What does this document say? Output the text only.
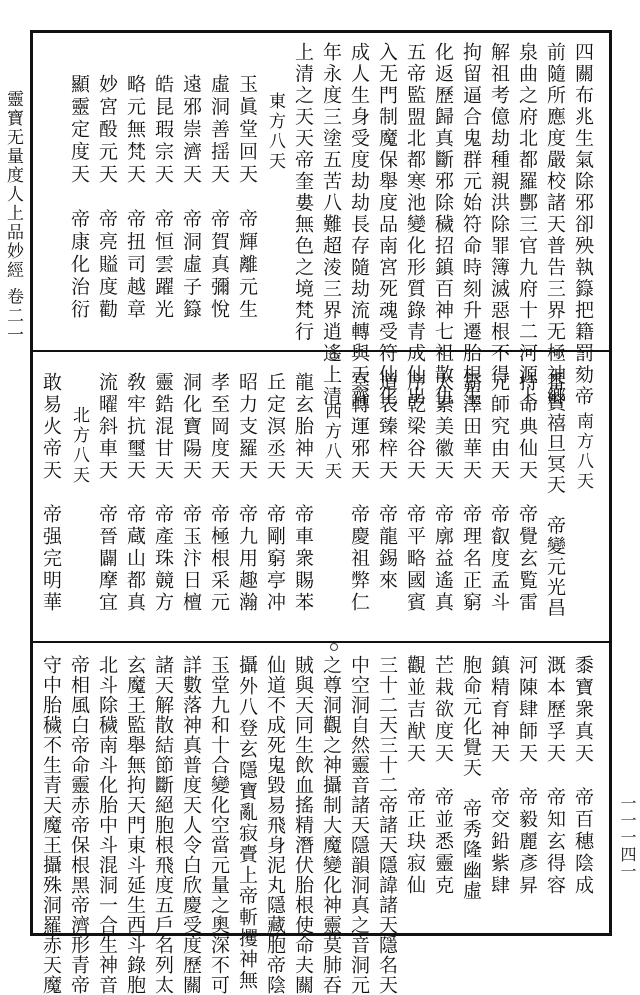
靈寶无量度人上品妙經 卷二一
一一一四一
四關布兆生氣除邪卻殃執籙把籍罰劾帝
前隨所應度嚴校諸天普告三界无極神鄉
泉曲之府北都羅酆三官九府十二河源上
解祖考億劫種親洪除罪簿滅惡根不得
拘留逼合鬼群元始符命時刻升遷胎根生
化返歷歸真斷邪除穢招鎮百神七祖散仇
五帝監盟北都寒池變化形質錄青成仙出
入无門制魔保舉度品南宮死魂受符仙化
成人生身受度劫劫長存隨劫流轉與天齊
年永度三塗五苦八難超淩三界逍遙上清
上清之天天帝奎婁無色之境梵行
東方八天
玉眞堂回天　帝輝離元生
虛洞善揺天　帝賀真彌悅
遠邪崇濟天　帝洞虛子籙
皓昆瑕宗天　帝恒雲躍光
略元無梵天　帝扭司越章
妙宮酘元天　帝亮賹度勸
顯靈定度天　帝康化治衍
南方八天
番賢禧旦冥天　帝變元光昌
持命典仙天　帝覺玄覧雷
元師究由天　帝叡度孟斗
霸澤田華天　帝理名正窮
太素美徽天　帝廓益遙真
序乾梁谷天　帝平略國賓
道表臻梓天　帝龍錫來
冥轉運邪天　帝慶祖弊仁
西方八天
龍玄胎神天　帝車衆賜苯
丘定溟丞天　帝剛窮亭冲
昭力支羅天　帝九用趣瀚
孝至岡度天　帝極根采元
洞化寶陽天　帝玉汴日檀
靈鋯混甘天　帝產珠竸方
敎牢抗璽天　帝蔵山都真
流曜斜車天　帝晉闢摩宜
北方八天
敢易火帝天　帝强完明華
黍寶衆真天　帝百穗陰成
溉本歷孚天　帝知玄得容
河陳肆師天　帝毅麗彥昇
鎮精育神天　帝交鉛紫肆
胞命元化覺天　帝秀隆幽虛
芒栽欲度天　帝並悉靈克
觀並吉猷天　帝正玦寂仙
三十二天三十二帝諸天隱諱諸天隱名天
中空洞自然靈音諸天隱韻洞真之音洞元
之尊洞觀之神攝制大魔變化神靈莫肺吞
賊與天同生飲血搖精潛伏胎根使命夫關
仙道不成死鬼毀易飛身泥丸隱藏胞帝陰
攝外八登玄隱寶亂寂賷上帝斬攫神無
玉堂九和十合變化空當元量之奧深不可
詳數落神真普度天人令白欣慶受度歷關
諸天解散結節斷絕胞根飛度五戶名列太
玄魔王監舉無拘天門東斗延生西斗錄胞
北斗除穢南斗化胎中斗混洞一合生神音
帝相風白帝命靈赤帝保根黑帝濟形青帝
守中胎穢不生青天魔王攝殊洞羅赤天魔
